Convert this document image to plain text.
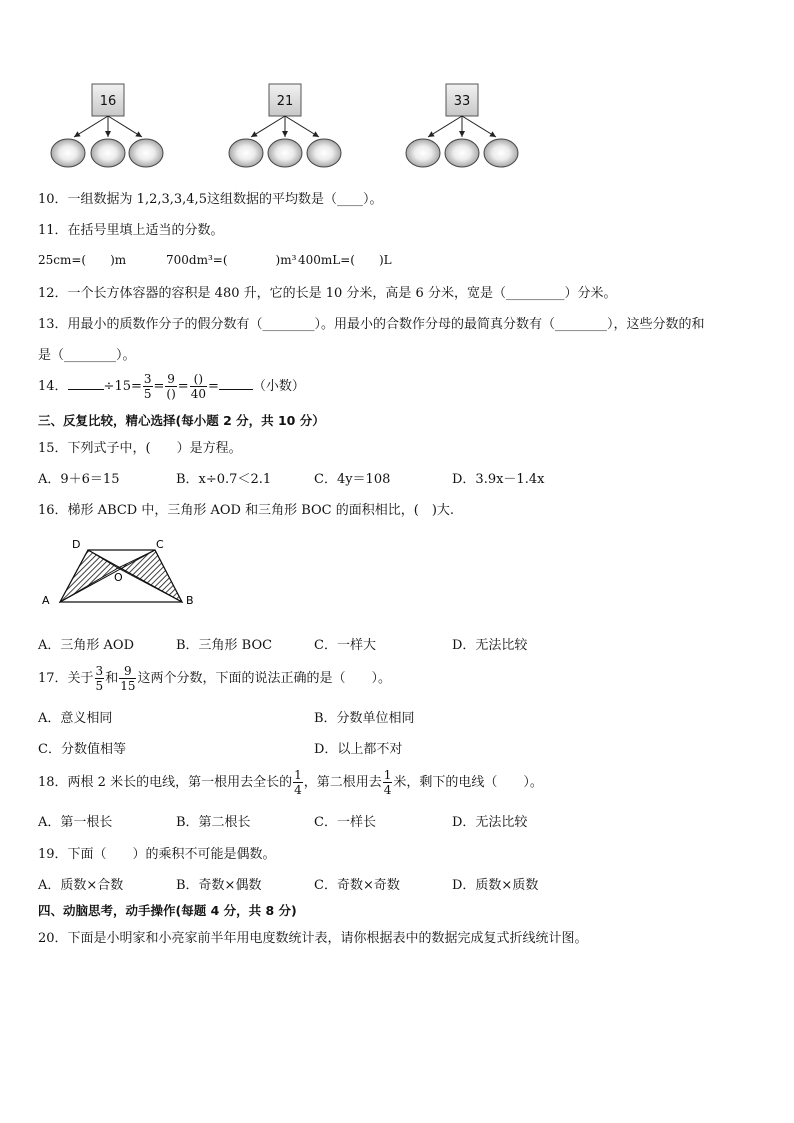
16	21	33
10．一组数据为 1,2,3,3,4,5这组数据的平均数是（____）。
11．在括号里填上适当的分数。
25cm=(　　)m	700dm³=(　　　　)m³ 400mL=(　　)L
12．一个长方体容器的容积是 480 升，它的长是 10 分米，高是 6 分米，宽是（_________）分米。
13．用最小的质数作分子的假分数有（________）。用最小的合数作分母的最简真分数有（________），这些分数的和
是（________）。
14．	$\div 15= \frac{3}{5} = \frac{9}{()} = \frac{()}{40}$ =	（小数）
三、反复比较，精心选择(每小题 2 分，共 10 分）
15．下列式子中，(　　）是方程。
A．9＋6＝15	B．x÷0.7＜2.1	C．4y＝108	D．3.9x－1.4x
16．梯形 ABCD 中，三角形 AOD 和三角形 BOC 的面积相比，(　)大.
D	C
O
A	B
A．三角形 AOD	B．三角形 BOC	C．一样大	D．无法比较
17．关于 $\frac{3}{5}$ 和 $\frac{9}{15}$ 这两个分数，下面的说法正确的是（　　）。
A．意义相同	B．分数单位相同
C．分数值相等	D．以上都不对
18．两根 2 米长的电线，第一根用去全长的 $\frac{1}{4}$ ，第二根用去 $\frac{1}{4}$ 米，剩下的电线（　　）。
A．第一根长	B．第二根长	C．一样长	D．无法比较
19．下面（　　）的乘积不可能是偶数。
A．质数×合数	B．奇数×偶数	C．奇数×奇数	D．质数×质数
四、动脑思考，动手操作(每题 4 分，共 8 分)
20．下面是小明家和小亮家前半年用电度数统计表，请你根据表中的数据完成复式折线统计图。
